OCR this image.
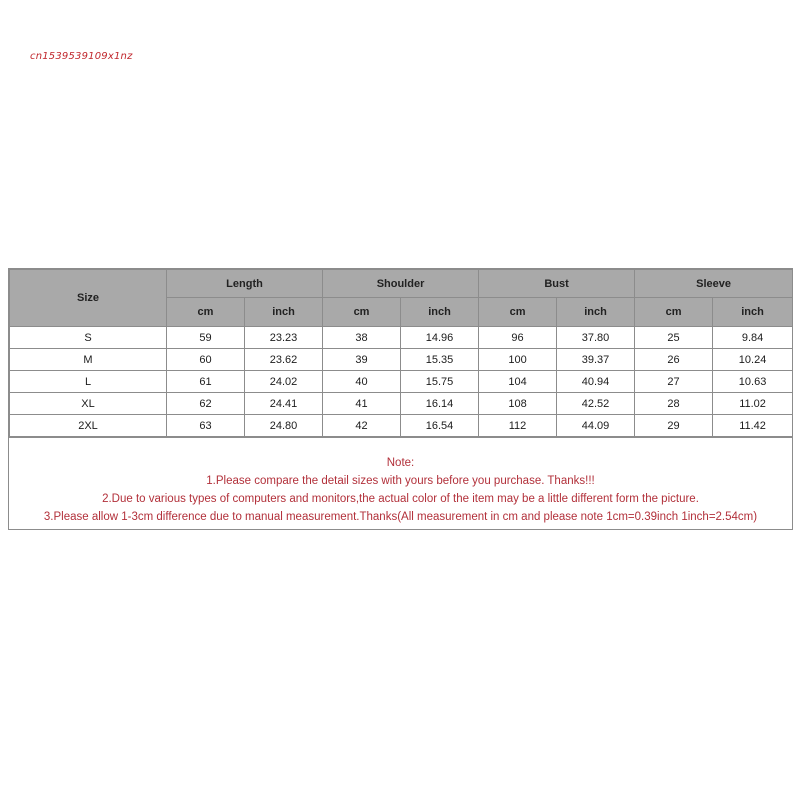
cn1539539109x1nz
Size	Length		Shoulder		Bust		Sleeve	
	cm	inch	cm	inch	cm	inch	cm	inch
S	59	23.23	38	14.96	96	37.80	25	9.84
M	60	23.62	39	15.35	100	39.37	26	10.24
L	61	24.02	40	15.75	104	40.94	27	10.63
XL	62	24.41	41	16.14	108	42.52	28	11.02
2XL	63	24.80	42	16.54	112	44.09	29	11.42
Note:
1.Please compare the detail sizes with yours before you purchase. Thanks!!!
2.Due to various types of computers and monitors,the actual color of the item may be a little different form the picture.
3.Please allow 1-3cm difference due to manual measurement.Thanks(All measurement in cm and please note 1cm=0.39inch 1inch=2.54cm)
